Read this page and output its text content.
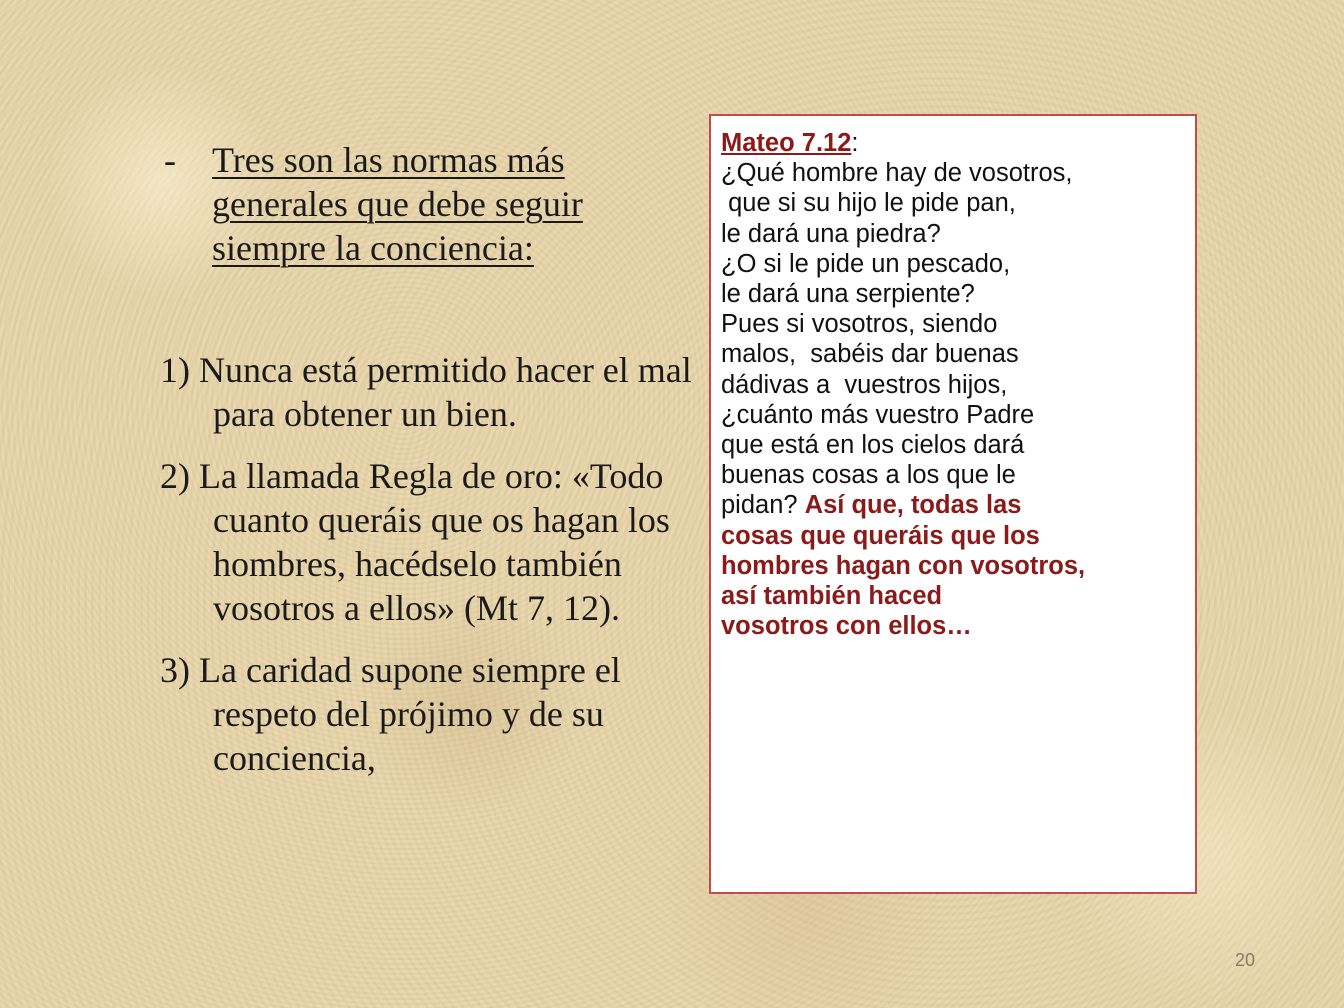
-	Tres son las normas más
generales que debe seguir
siempre la conciencia:

1) Nunca está permitido hacer el mal para obtener un bien.

2) La llamada Regla de oro: «Todo cuanto queráis que os hagan los hombres, hacédselo también vosotros a ellos» (Mt 7, 12).

3) La caridad supone siempre el respeto del prójimo y de su conciencia,

Mateo 7.12:
¿Qué hombre hay de vosotros,
que si su hijo le pide pan,
le dará una piedra?
¿O si le pide un pescado,
le dará una serpiente?
Pues si vosotros, siendo
malos,  sabéis dar buenas
dádivas a  vuestros hijos,
¿cuánto más vuestro Padre
que está en los cielos dará
buenas cosas a los que le
pidan? Así que, todas las
cosas que queráis que los
hombres hagan con vosotros,
así también haced
vosotros con ellos…
20
